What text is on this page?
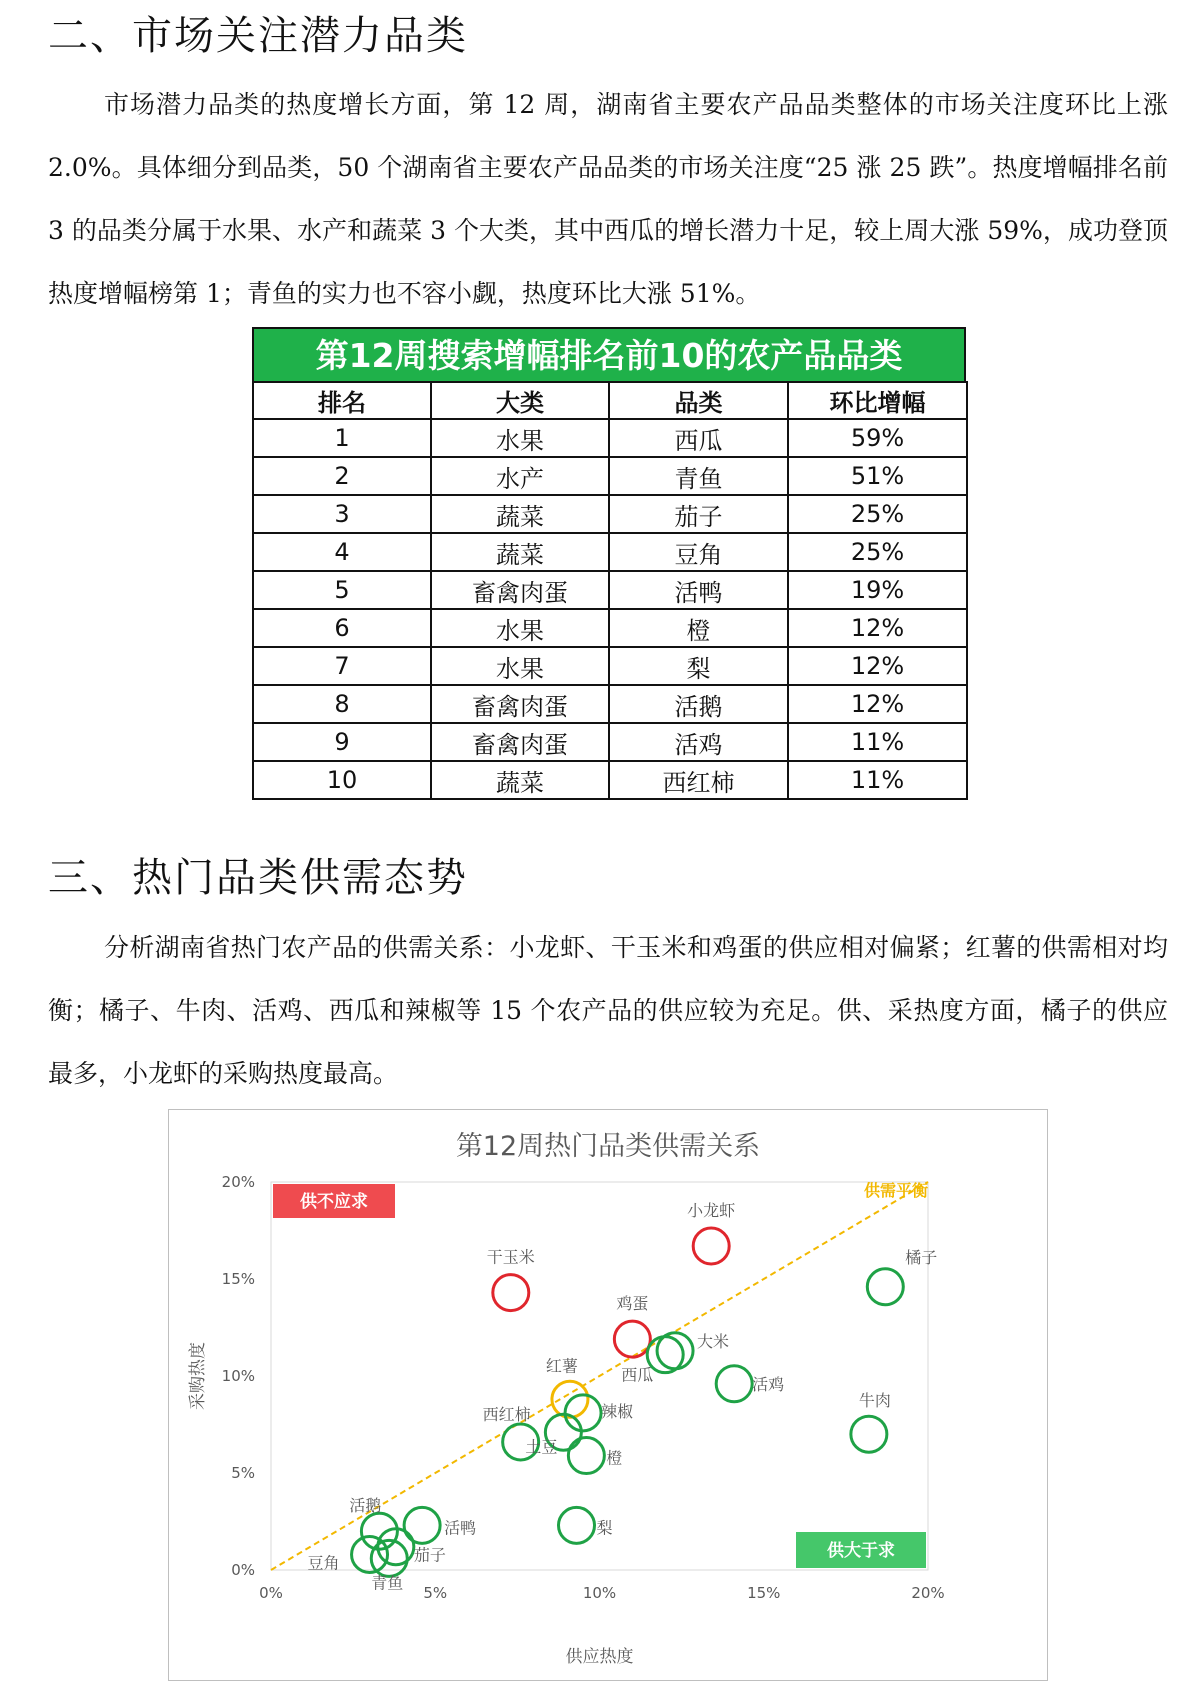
二、市场关注潜力品类

市场潜力品类的热度增长方面，第 12 周，湖南省主要农产品品类整体的市场关注度环比上涨 2.0%。具体细分到品类，50 个湖南省主要农产品品类的市场关注度“25 涨 25 跌”。热度增幅排名前 3 的品类分属于水果、水产和蔬菜 3 个大类，其中西瓜的增长潜力十足，较上周大涨 59%，成功登顶热度增幅榜第 1；青鱼的实力也不容小觑，热度环比大涨 51%。

第12周搜索增幅排名前10的农产品品类
排名	大类	品类	环比增幅
1	水果	西瓜	59%
2	水产	青鱼	51%
3	蔬菜	茄子	25%
4	蔬菜	豆角	25%
5	畜禽肉蛋	活鸭	19%
6	水果	橙	12%
7	水果	梨	12%
8	畜禽肉蛋	活鹅	12%
9	畜禽肉蛋	活鸡	11%
10	蔬菜	西红柿	11%
三、热门品类供需态势

分析湖南省热门农产品的供需关系：小龙虾、干玉米和鸡蛋的供应相对偏紧；红薯的供需相对均衡；橘子、牛肉、活鸡、西瓜和辣椒等 15 个农产品的供应较为充足。供、采热度方面，橘子的供应最多，小龙虾的采购热度最高。

第12周热门品类供需关系
0%	5%	10%	15%	20%
0%
5%
10%
15%
20%	供需平衡
供不应求
供大于求
小龙虾
干玉米
鸡蛋
红薯
橘子
大米
西瓜	活鸡
牛肉
辣椒
西红柿
土豆
橙
梨
活鹅
活鸭
茄子
豆角
青鱼
供应热度
采购热度
